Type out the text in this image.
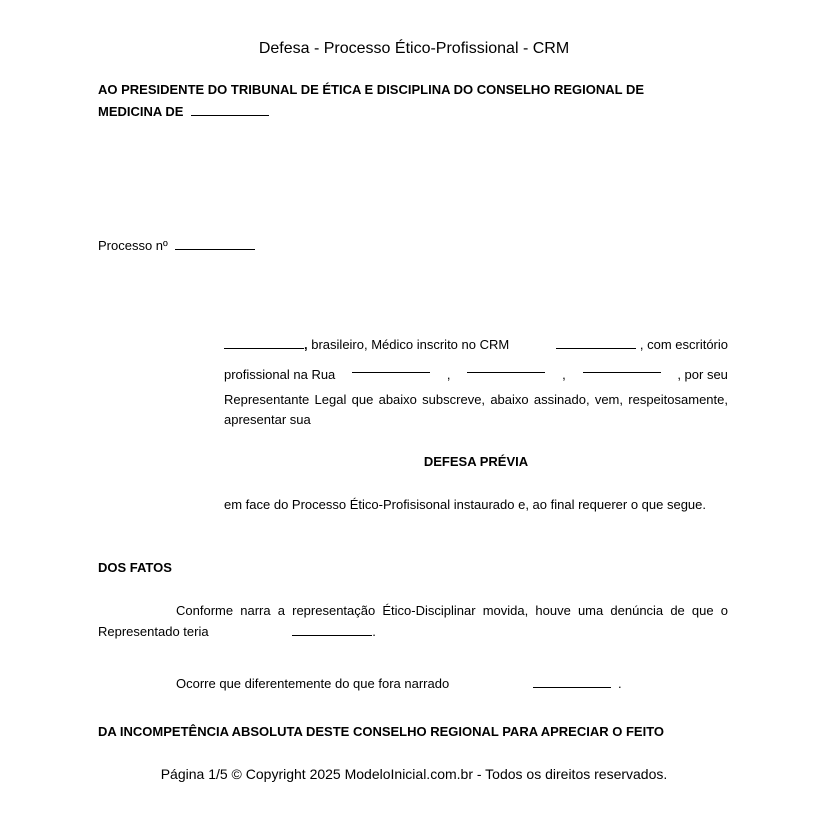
Defesa - Processo Ético-Profissional - CRM
AO PRESIDENTE DO TRIBUNAL DE ÉTICA E DISCIPLINA DO CONSELHO REGIONAL DE
MEDICINA DE
Processo nº
, brasileiro, Médico inscrito no CRM	, com escritório
profissional na Rua	,	,	, por seu
Representante Legal que abaixo subscreve, abaixo assinado, vem, respeitosamente, apresentar sua
DEFESA PRÉVIA
em face do Processo Ético-Profisisonal instaurado e, ao final requerer o que segue.
DOS FATOS
Conforme narra a representação Ético-Disciplinar movida, houve uma denúncia de que o Representado teria	.
Ocorre que diferentemente do que fora narrado	.
DA INCOMPETÊNCIA ABSOLUTA DESTE CONSELHO REGIONAL PARA APRECIAR O FEITO
Página 1/5 © Copyright 2025 ModeloInicial.com.br - Todos os direitos reservados.
